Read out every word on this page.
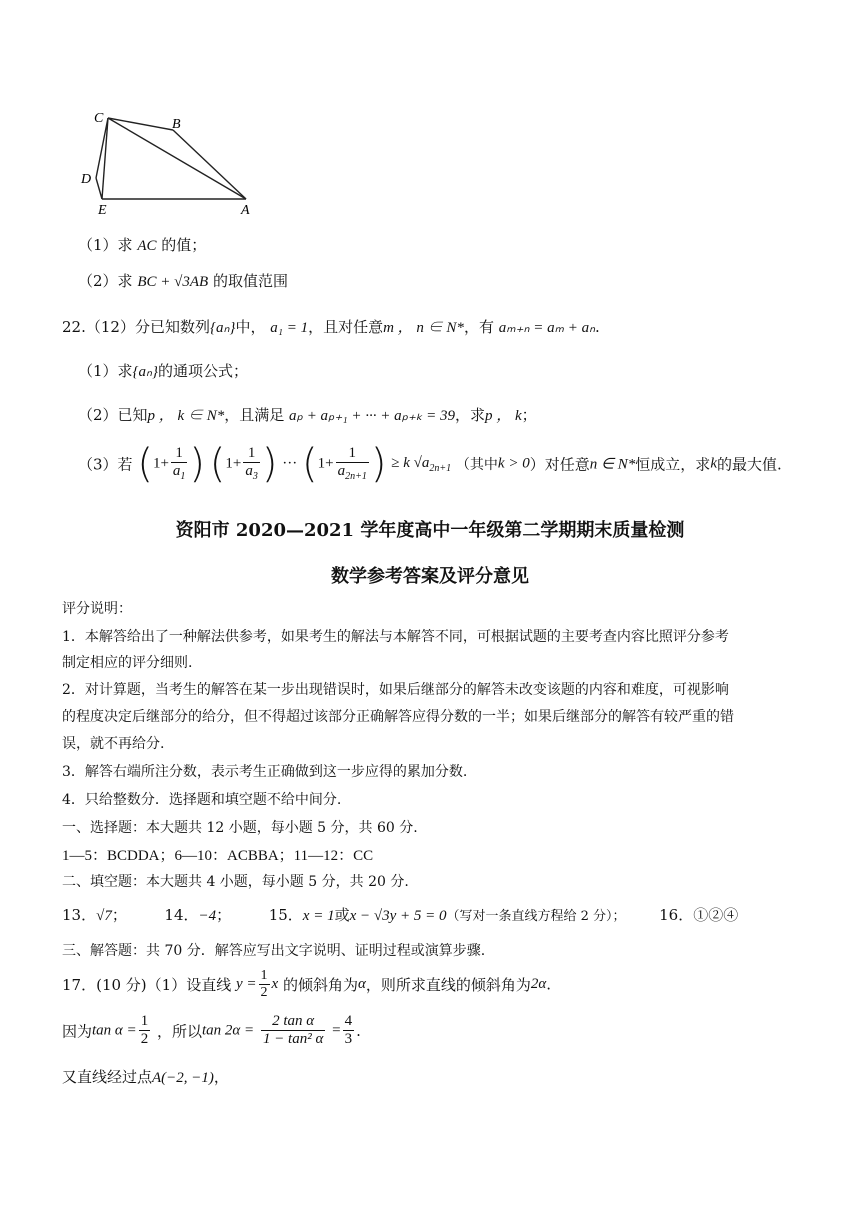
C	B
D
E	A
（1）求 AC 的值；
（2）求 BC + √3AB 的取值范围
22.（12）分已知数列{aₙ}中， a₁ = 1，且对任意m ， n ∈ N*，有 aₘ₊ₙ = aₘ + aₙ.
（1）求{aₙ}的通项公式；
（2）已知p ， k ∈ N*，且满足 aₚ + aₚ₊₁ + ··· + aₚ₊ₖ = 39，求p ， k；
（3）若 ($1+ \frac{1}{a_1}$ ) ($1+ \frac{1}{a_3}$ ) ··· ($1+ \frac{1}{a_{2n+1}}$ ) ≥ k $√a_{2n+1}$ （其中k > 0）对任意n ∈ N*恒成立，求k的最大值.
资阳市 2020—2021 学年度高中一年级第二学期期末质量检测
数学参考答案及评分意见
评分说明：
1．本解答给出了一种解法供参考，如果考生的解法与本解答不同，可根据试题的主要考查内容比照评分参考
制定相应的评分细则.
2．对计算题，当考生的解答在某一步出现错误时，如果后继部分的解答未改变该题的内容和难度，可视影响
的程度决定后继部分的给分，但不得超过该部分正确解答应得分数的一半；如果后继部分的解答有较严重的错
误，就不再给分.
3．解答右端所注分数，表示考生正确做到这一步应得的累加分数.
4．只给整数分．选择题和填空题不给中间分.
一、选择题：本大题共 12 小题，每小题 5 分，共 60 分.
1—5：BCDDA；6—10：ACBBA；11—12：CC
二、填空题：本大题共 4 小题，每小题 5 分，共 20 分.
13．√7；	14．−4；	15．x = 1或x − √3y + 5 = 0（写对一条直线方程给 2 分）； 16．①②④
三、解答题：共 70 分．解答应写出文字说明、证明过程或演算步骤.
17．(10 分)（1）设直线 $y = \frac{1}{2}$ x 的倾斜角为α，则所求直线的倾斜角为2α.
因为$\tan \alpha = \frac{1}{2}$ ，所以$\tan 2\alpha = \frac{\text{2 tan α}}{\text{1 − tan² α}} = \frac{4}{3}$ .
又直线经过点A(−2, −1)，
